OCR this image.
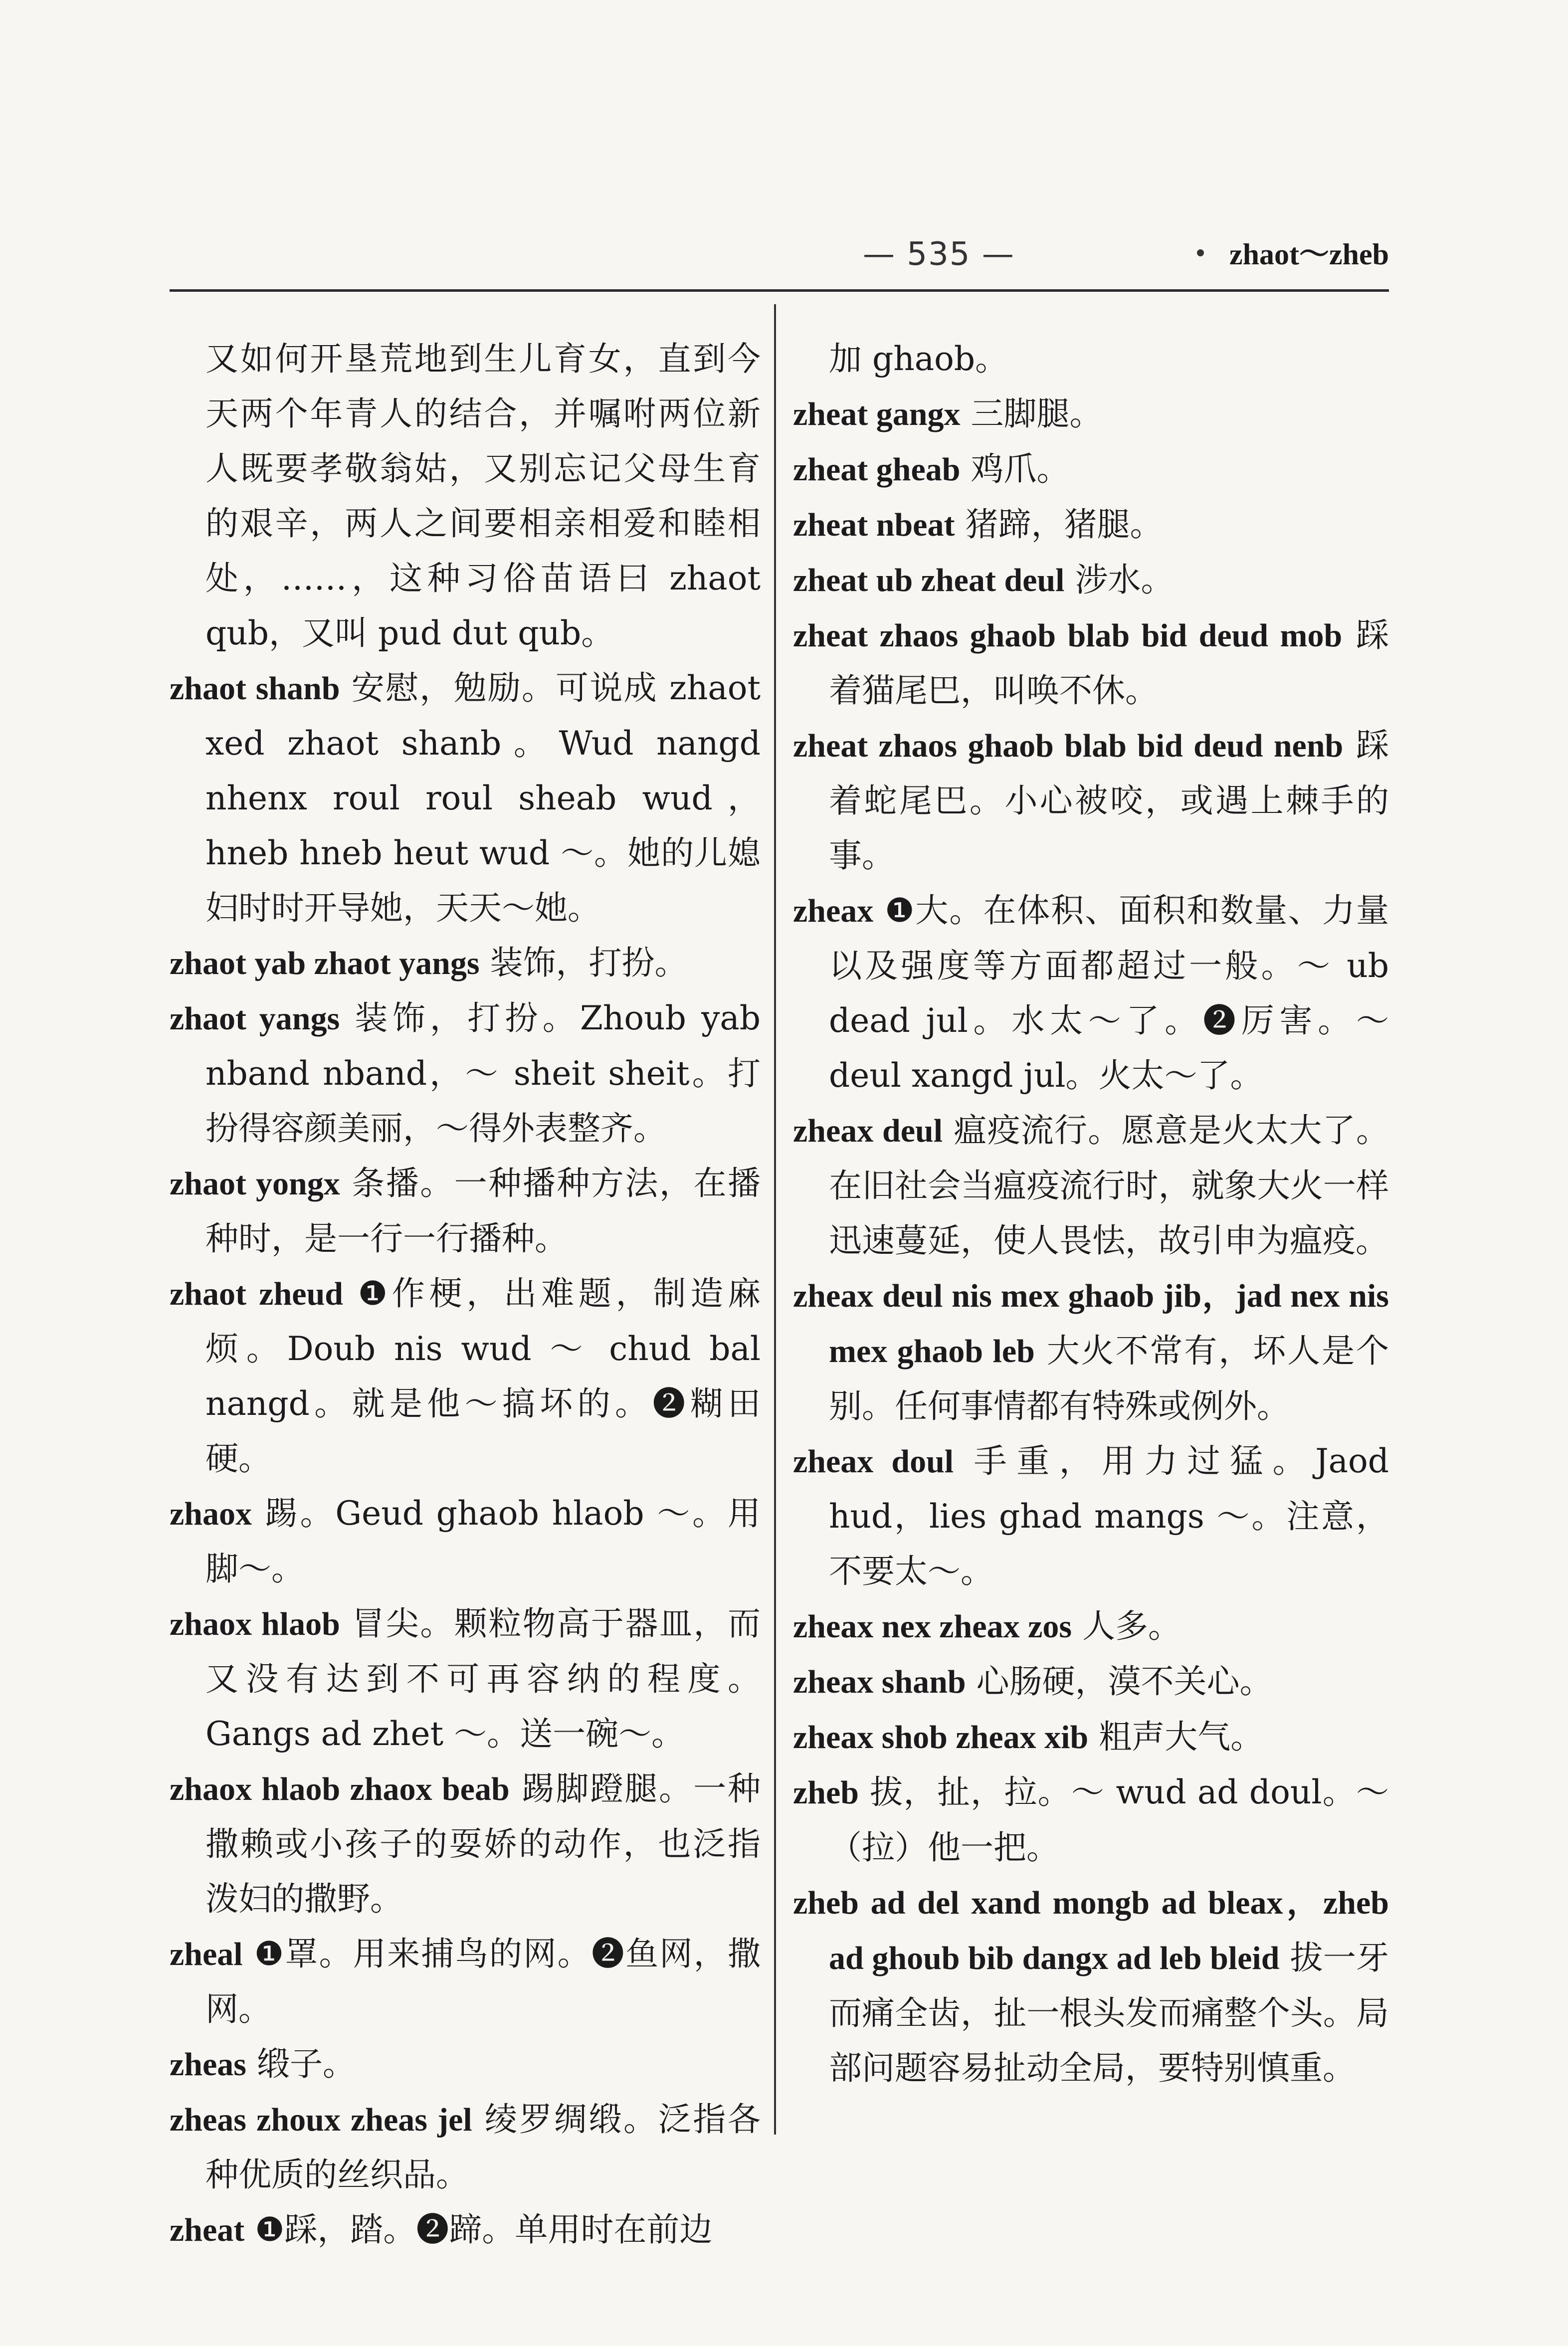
— 535 —	zhaot～zheb

又如何开垦荒地到生儿育女，直到今天两个年青人的结合，并嘱咐两位新人既要孝敬翁姑，又别忘记父母生育的艰辛，两人之间要相亲相爱和睦相处，……，这种习俗苗语曰 zhaot qub，又叫 pud dut qub。

zhaot shanb 安慰，勉励。可说成 zhaot xed zhaot shanb。Wud nangd nhenx roul roul sheab wud，hneb hneb heut wud ～。她的儿媳妇时时开导她，天天～她。

zhaot yab zhaot yangs 装饰，打扮。

zhaot yangs 装饰，打扮。Zhoub yab nband nband，～ sheit sheit。打扮得容颜美丽，～得外表整齐。

zhaot yongx 条播。一种播种方法，在播种时，是一行一行播种。

zhaot zheud ❶作梗，出难题，制造麻烦。Doub nis wud ～ chud bal nangd。就是他～搞坏的。❷糊田硬。

zhaox 踢。Geud ghaob hlaob ～。用脚～。

zhaox hlaob 冒尖。颗粒物高于器皿，而又没有达到不可再容纳的程度。Gangs ad zhet ～。送一碗～。

zhaox hlaob zhaox beab 踢脚蹬腿。一种撒赖或小孩子的耍娇的动作，也泛指泼妇的撒野。

zheal ❶罩。用来捕鸟的网。❷鱼网，撒网。

zheas 缎子。

zheas zhoux zheas jel 绫罗绸缎。泛指各种优质的丝织品。

zheat ❶踩，踏。❷蹄。单用时在前边

加 ghaob。

zheat gangx 三脚腿。

zheat gheab 鸡爪。

zheat nbeat 猪蹄，猪腿。

zheat ub zheat deul 涉水。

zheat zhaos ghaob blab bid deud mob 踩着猫尾巴，叫唤不休。

zheat zhaos ghaob blab bid deud nenb 踩着蛇尾巴。小心被咬，或遇上棘手的事。

zheax ❶大。在体积、面积和数量、力量以及强度等方面都超过一般。～ ub dead jul。水太～了。❷厉害。～ deul xangd jul。火太～了。

zheax deul 瘟疫流行。愿意是火太大了。在旧社会当瘟疫流行时，就象大火一样迅速蔓延，使人畏怯，故引申为瘟疫。

zheax deul nis mex ghaob jib，jad nex nis mex ghaob leb 大火不常有，坏人是个别。任何事情都有特殊或例外。

zheax doul 手重，用力过猛。Jaod hud，lies ghad mangs ～。注意，不要太～。

zheax nex zheax zos 人多。

zheax shanb 心肠硬，漠不关心。

zheax shob zheax xib 粗声大气。

zheb 拔，扯，拉。～ wud ad doul。～（拉）他一把。

zheb ad del xand mongb ad bleax，zheb ad ghoub bib dangx ad leb bleid 拔一牙而痛全齿，扯一根头发而痛整个头。局部问题容易扯动全局，要特别慎重。
